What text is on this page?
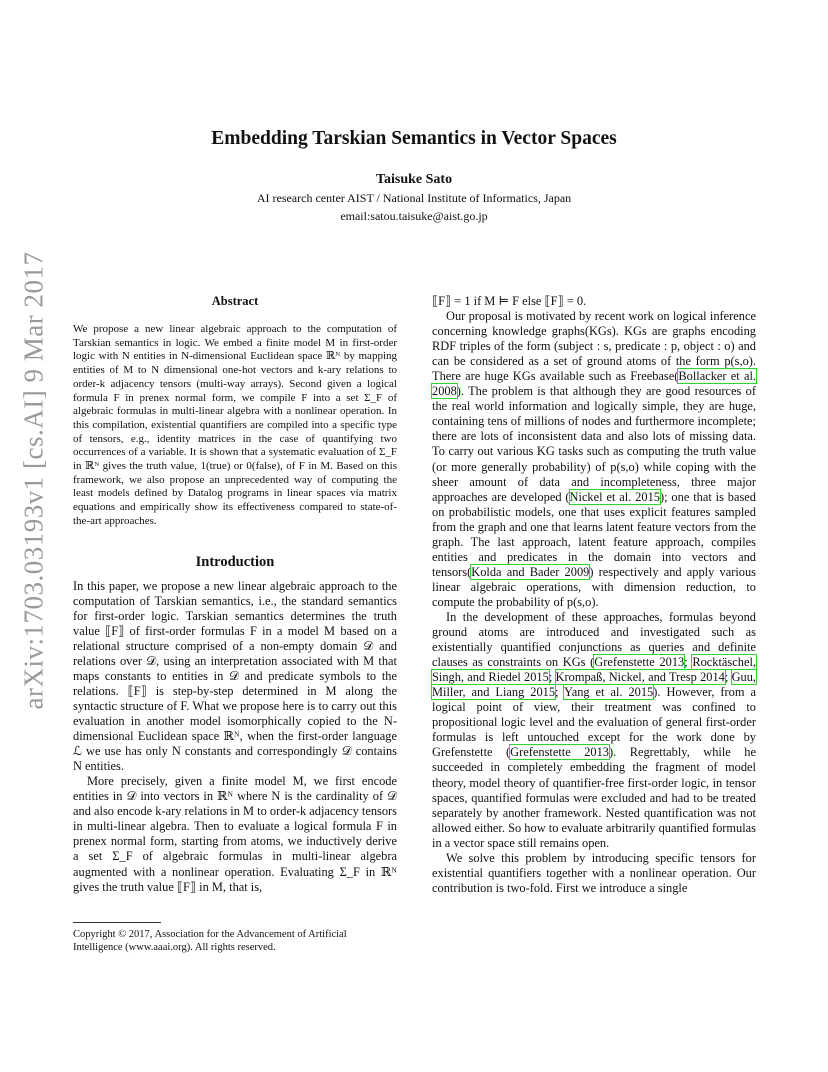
arXiv:1703.03193v1 [cs.AI] 9 Mar 2017
Embedding Tarskian Semantics in Vector Spaces
Taisuke Sato
AI research center AIST / National Institute of Informatics, Japan
email:satou.taisuke@aist.go.jp
Abstract

We propose a new linear algebraic approach to the computation of Tarskian semantics in logic. We embed a finite model M in first-order logic with N entities in N-dimensional Euclidean space ℝᴺ by mapping entities of M to N dimensional one-hot vectors and k-ary relations to order-k adjacency tensors (multi-way arrays). Second given a logical formula F in prenex normal form, we compile F into a set Σ_F of algebraic formulas in multi-linear algebra with a nonlinear operation. In this compilation, existential quantifiers are compiled into a specific type of tensors, e.g., identity matrices in the case of quantifying two occurrences of a variable. It is shown that a systematic evaluation of Σ_F in ℝᴺ gives the truth value, 1(true) or 0(false), of F in M. Based on this framework, we also propose an unprecedented way of computing the least models defined by Datalog programs in linear spaces via matrix equations and empirically show its effectiveness compared to state-of-the-art approaches.

Introduction

In this paper, we propose a new linear algebraic approach to the computation of Tarskian semantics, i.e., the standard semantics for first-order logic. Tarskian semantics determines the truth value ⟦F⟧ of first-order formulas F in a model M based on a relational structure comprised of a non-empty domain 𝒟 and relations over 𝒟, using an interpretation associated with M that maps constants to entities in 𝒟 and predicate symbols to the relations. ⟦F⟧ is step-by-step determined in M along the syntactic structure of F. What we propose here is to carry out this evaluation in another model isomorphically copied to the N-dimensional Euclidean space ℝᴺ, when the first-order language ℒ we use has only N constants and correspondingly 𝒟 contains N entities.

More precisely, given a finite model M, we first encode entities in 𝒟 into vectors in ℝᴺ where N is the cardinality of 𝒟 and also encode k-ary relations in M to order-k adjacency tensors in multi-linear algebra. Then to evaluate a logical formula F in prenex normal form, starting from atoms, we inductively derive a set Σ_F of algebraic formulas in multi-linear algebra augmented with a nonlinear operation. Evaluating Σ_F in ℝᴺ gives the truth value ⟦F⟧ in M, that is,

Copyright © 2017, Association for the Advancement of Artificial Intelligence (www.aaai.org). All rights reserved.

⟦F⟧ = 1 if M ⊨ F else ⟦F⟧ = 0.

Our proposal is motivated by recent work on logical inference concerning knowledge graphs(KGs). KGs are graphs encoding RDF triples of the form (subject : s, predicate : p, object : o) and can be considered as a set of ground atoms of the form p(s,o). There are huge KGs available such as Freebase(Bollacker et al. 2008). The problem is that although they are good resources of the real world information and logically simple, they are huge, containing tens of millions of nodes and furthermore incomplete; there are lots of inconsistent data and also lots of missing data. To carry out various KG tasks such as computing the truth value (or more generally probability) of p(s,o) while coping with the sheer amount of data and incompleteness, three major approaches are developed (Nickel et al. 2015); one that is based on probabilistic models, one that uses explicit features sampled from the graph and one that learns latent feature vectors from the graph. The last approach, latent feature approach, compiles entities and predicates in the domain into vectors and tensors(Kolda and Bader 2009) respectively and apply various linear algebraic operations, with dimension reduction, to compute the probability of p(s,o).

In the development of these approaches, formulas beyond ground atoms are introduced and investigated such as existentially quantified conjunctions as queries and definite clauses as constraints on KGs (Grefenstette 2013; Rocktäschel, Singh, and Riedel 2015; Krompaß, Nickel, and Tresp 2014; Guu, Miller, and Liang 2015; Yang et al. 2015). However, from a logical point of view, their treatment was confined to propositional logic level and the evaluation of general first-order formulas is left untouched except for the work done by Grefenstette (Grefenstette 2013). Regrettably, while he succeeded in completely embedding the fragment of model theory, model theory of quantifier-free first-order logic, in tensor spaces, quantified formulas were excluded and had to be treated separately by another framework. Nested quantification was not allowed either. So how to evaluate arbitrarily quantified formulas in a vector space still remains open.

We solve this problem by introducing specific tensors for existential quantifiers together with a nonlinear operation. Our contribution is two-fold. First we introduce a single
